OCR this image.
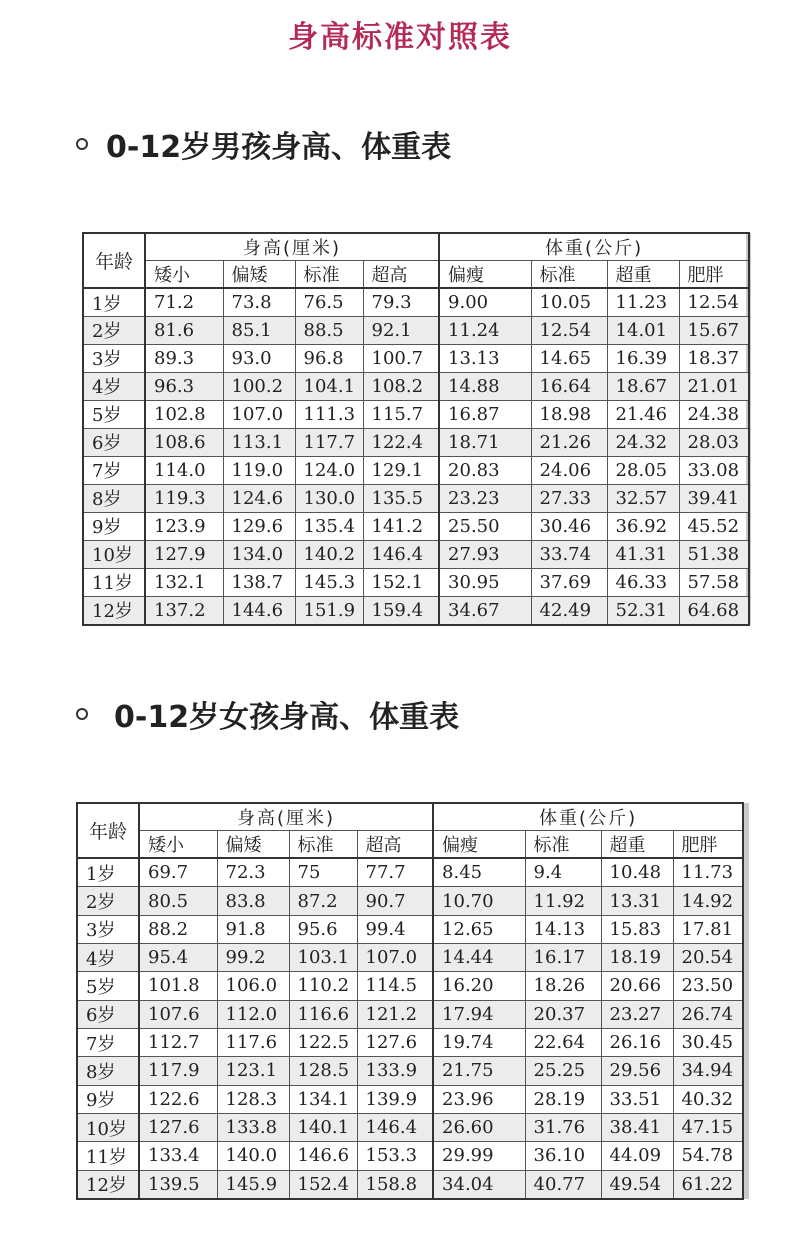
身高标准对照表
0-12岁男孩身高、体重表
年龄	身高(厘米)				体重(公斤)			
	矮小	偏矮	标准	超高	偏瘦	标准	超重	肥胖
1岁	71.2	73.8	76.5	79.3	9.00	10.05	11.23	12.54
2岁	81.6	85.1	88.5	92.1	11.24	12.54	14.01	15.67
3岁	89.3	93.0	96.8	100.7	13.13	14.65	16.39	18.37
4岁	96.3	100.2	104.1	108.2	14.88	16.64	18.67	21.01
5岁	102.8	107.0	111.3	115.7	16.87	18.98	21.46	24.38
6岁	108.6	113.1	117.7	122.4	18.71	21.26	24.32	28.03
7岁	114.0	119.0	124.0	129.1	20.83	24.06	28.05	33.08
8岁	119.3	124.6	130.0	135.5	23.23	27.33	32.57	39.41
9岁	123.9	129.6	135.4	141.2	25.50	30.46	36.92	45.52
10岁	127.9	134.0	140.2	146.4	27.93	33.74	41.31	51.38
11岁	132.1	138.7	145.3	152.1	30.95	37.69	46.33	57.58
12岁	137.2	144.6	151.9	159.4	34.67	42.49	52.31	64.68
0-12岁女孩身高、体重表
年龄	身高(厘米)				体重(公斤)			
	矮小	偏矮	标准	超高	偏瘦	标准	超重	肥胖
1岁	69.7	72.3	75	77.7	8.45	9.4	10.48	11.73
2岁	80.5	83.8	87.2	90.7	10.70	11.92	13.31	14.92
3岁	88.2	91.8	95.6	99.4	12.65	14.13	15.83	17.81
4岁	95.4	99.2	103.1	107.0	14.44	16.17	18.19	20.54
5岁	101.8	106.0	110.2	114.5	16.20	18.26	20.66	23.50
6岁	107.6	112.0	116.6	121.2	17.94	20.37	23.27	26.74
7岁	112.7	117.6	122.5	127.6	19.74	22.64	26.16	30.45
8岁	117.9	123.1	128.5	133.9	21.75	25.25	29.56	34.94
9岁	122.6	128.3	134.1	139.9	23.96	28.19	33.51	40.32
10岁	127.6	133.8	140.1	146.4	26.60	31.76	38.41	47.15
11岁	133.4	140.0	146.6	153.3	29.99	36.10	44.09	54.78
12岁	139.5	145.9	152.4	158.8	34.04	40.77	49.54	61.22
